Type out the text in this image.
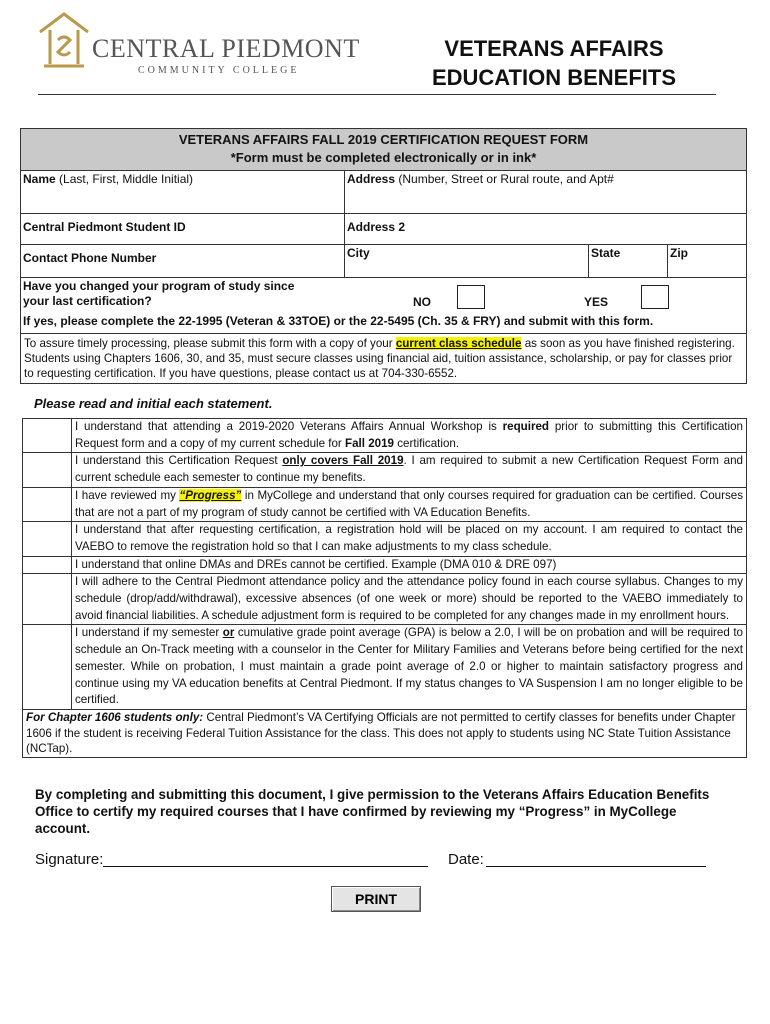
CENTRAL PIEDMONT
COMMUNITY COLLEGE
VETERANS AFFAIRS
EDUCATION BENEFITS
VETERANS AFFAIRS FALL 2019 CERTIFICATION REQUEST FORM
*Form must be completed electronically or in ink*
Name (Last, First, Middle Initial)	Address (Number, Street or Rural route, and Apt#
Central Piedmont Student ID	Address 2
Contact Phone Number	City	State	Zip
Have you changed your program of study since
your last certification?	NO	YES
If yes, please complete the 22-1995 (Veteran & 33TOE) or the 22-5495 (Ch. 35 & FRY) and submit with this form.
To assure timely processing, please submit this form with a copy of your current class schedule as soon as you have finished registering. Students using Chapters 1606, 30, and 35, must secure classes using financial aid, tuition assistance, scholarship, or pay for classes prior to requesting certification. If you have questions, please contact us at 704-330-6552.
Please read and initial each statement.
I understand that attending a 2019-2020 Veterans Affairs Annual Workshop is required prior to submitting this Certification Request form and a copy of my current schedule for Fall 2019 certification.
I understand this Certification Request only covers Fall 2019. I am required to submit a new Certification Request Form and current schedule each semester to continue my benefits.
I have reviewed my “Progress” in MyCollege and understand that only courses required for graduation can be certified. Courses that are not a part of my program of study cannot be certified with VA Education Benefits.
I understand that after requesting certification, a registration hold will be placed on my account. I am required to contact the VAEBO to remove the registration hold so that I can make adjustments to my class schedule.
I understand that online DMAs and DREs cannot be certified. Example (DMA 010 & DRE 097)
I will adhere to the Central Piedmont attendance policy and the attendance policy found in each course syllabus. Changes to my schedule (drop/add/withdrawal), excessive absences (of one week or more) should be reported to the VAEBO immediately to avoid financial liabilities. A schedule adjustment form is required to be completed for any changes made in my enrollment hours.
I understand if my semester or cumulative grade point average (GPA) is below a 2.0, I will be on probation and will be required to schedule an On-Track meeting with a counselor in the Center for Military Families and Veterans before being certified for the next semester. While on probation, I must maintain a grade point average of 2.0 or higher to maintain satisfactory progress and continue using my VA education benefits at Central Piedmont. If my status changes to VA Suspension I am no longer eligible to be certified.
For Chapter 1606 students only: Central Piedmont’s VA Certifying Officials are not permitted to certify classes for benefits under Chapter 1606 if the student is receiving Federal Tuition Assistance for the class. This does not apply to students using NC State Tuition Assistance (NCTap).
By completing and submitting this document, I give permission to the Veterans Affairs Education Benefits Office to certify my required courses that I have confirmed by reviewing my “Progress” in MyCollege account.
Signature:	Date:
PRINT
